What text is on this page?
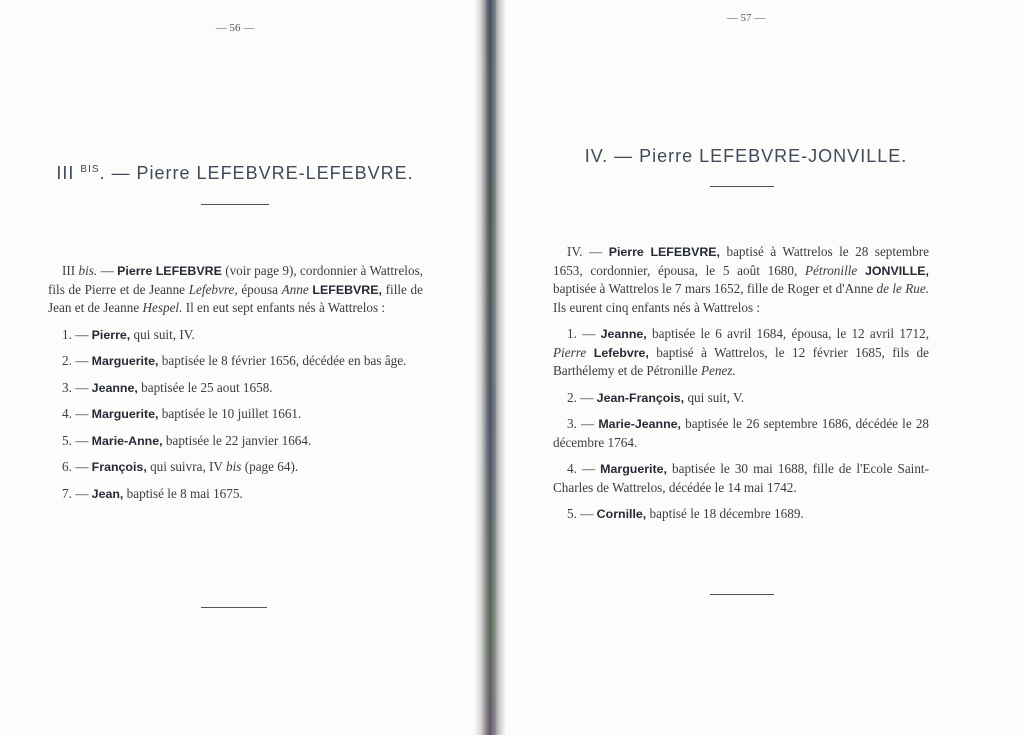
— 56 —
III $^{BIS}$. — Pierre LEFEBVRE-LEFEBVRE.

III bis. — Pierre LEFEBVRE (voir page 9), cordonnier à Wattrelos, fils de Pierre et de Jeanne Lefebvre, épousa Anne LEFEBVRE, fille de Jean et de Jeanne Hespel. Il en eut sept enfants nés à Wattrelos :

1. — Pierre, qui suit, IV.

2. — Marguerite, baptisée le 8 février 1656, décédée en bas âge.

3. — Jeanne, baptisée le 25 aout 1658.

4. — Marguerite, baptisée le 10 juillet 1661.

5. — Marie-Anne, baptisée le 22 janvier 1664.

6. — François, qui suivra, IV bis (page 64).

7. — Jean, baptisé le 8 mai 1675.

— 57 —
IV. — Pierre LEFEBVRE-JONVILLE.

IV. — Pierre LEFEBVRE, baptisé à Wattrelos le 28 septembre 1653, cordonnier, épousa, le 5 août 1680, Pétronille JONVILLE, baptisée à Wattrelos le 7 mars 1652, fille de Roger et d'Anne de le Rue. Ils eurent cinq enfants nés à Wattrelos :

1. — Jeanne, baptisée le 6 avril 1684, épousa, le 12 avril 1712, Pierre Lefebvre, baptisé à Wattrelos, le 12 février 1685, fils de Barthélemy et de Pétronille Penez.

2. — Jean-François, qui suit, V.

3. — Marie-Jeanne, baptisée le 26 septembre 1686, décédée le 28 décembre 1764.

4. — Marguerite, baptisée le 30 mai 1688, fille de l'Ecole Saint-Charles de Wattrelos, décédée le 14 mai 1742.

5. — Cornille, baptisé le 18 décembre 1689.
